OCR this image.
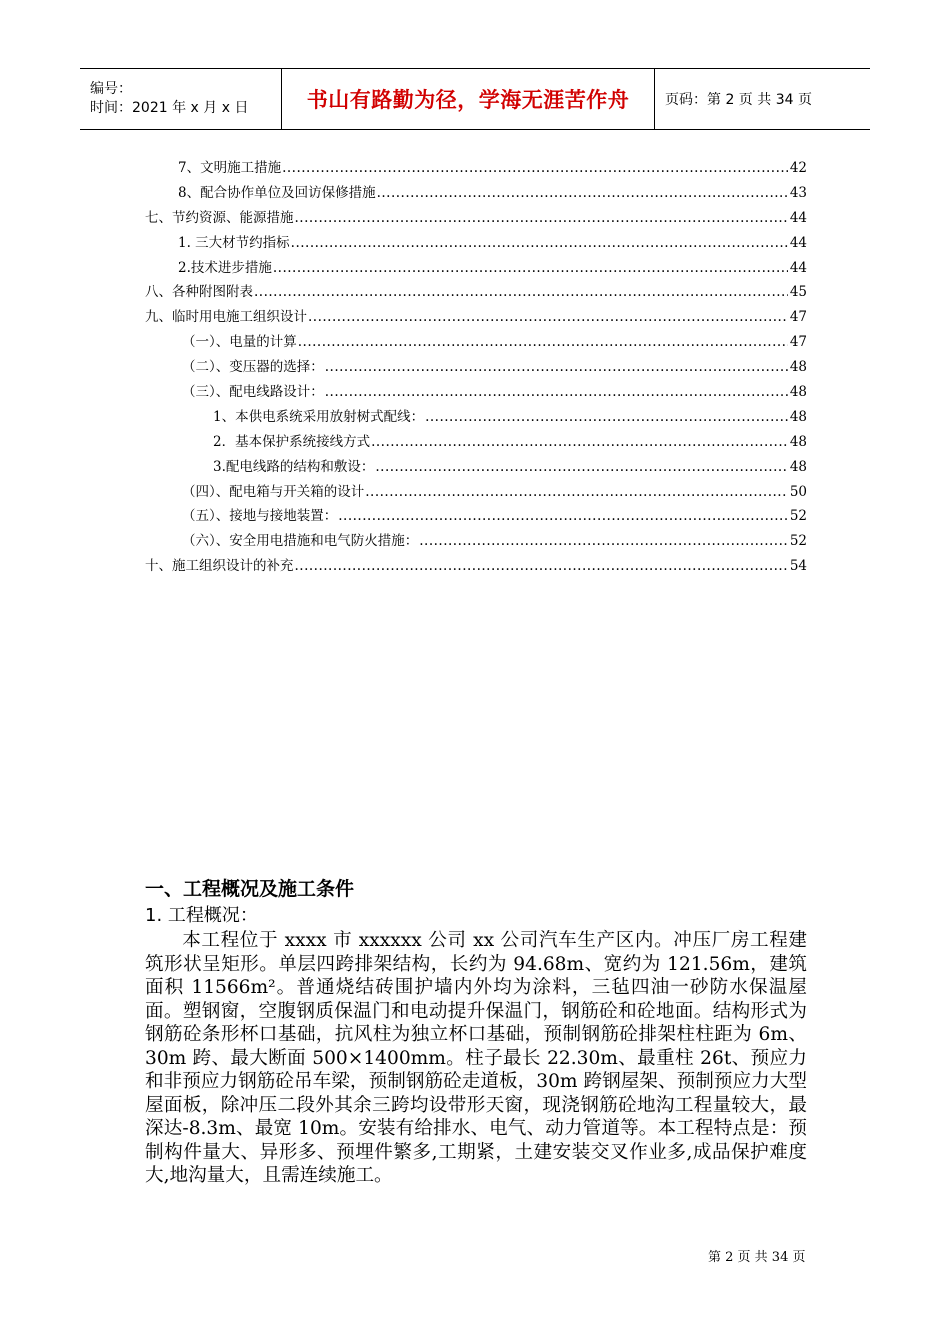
编号：
时间：2021 年 x 月 x 日	书山有路勤为径，学海无涯苦作舟	页码：第 2 页 共 34 页
7、文明施工措施 .....	42
8、配合协作单位及回访保修措施 .....	43
七、节约资源、能源措施 .....	44
1. 三大材节约指标 .....	44
2.技术进步措施 .....	44
八、各种附图附表 .....	45
九、临时用电施工组织设计 .....	47
（一）、电量的计算 .....	47
（二）、变压器的选择： .....	48
（三）、配电线路设计： .....	48
1、本供电系统采用放射树式配线： .....	48
2．基本保护系统接线方式 .....	48
3.配电线路的结构和敷设： .....	48
（四）、配电箱与开关箱的设计 .....	50
（五）、接地与接地装置： .....	52
（六）、安全用电措施和电气防火措施： .....	52
十、施工组织设计的补充 .....	54

一、工程概况及施工条件

1. 工程概况：

本工程位于 xxxx 市 xxxxxx 公司 xx 公司汽车生产区内。冲压厂房工程建筑形状呈矩形。单层四跨排架结构，长约为 94.68m、宽约为 121.56m，建筑面积 11566m²。普通烧结砖围护墙内外均为涂料，三毡四油一砂防水保温屋面。塑钢窗，空腹钢质保温门和电动提升保温门，钢筋砼和砼地面。结构形式为钢筋砼条形杯口基础，抗风柱为独立杯口基础，预制钢筋砼排架柱柱距为 6m、30m 跨、最大断面 500×1400mm。柱子最长 22.30m、最重柱 26t、预应力和非预应力钢筋砼吊车梁，预制钢筋砼走道板，30m 跨钢屋架、预制预应力大型屋面板，除冲压二段外其余三跨均设带形天窗，现浇钢筋砼地沟工程量较大，最深达-8.3m、最宽 10m。安装有给排水、电气、动力管道等。本工程特点是：预制构件量大、异形多、预埋件繁多,工期紧，土建安装交叉作业多,成品保护难度大,地沟量大，且需连续施工。

第 2 页 共 34 页
